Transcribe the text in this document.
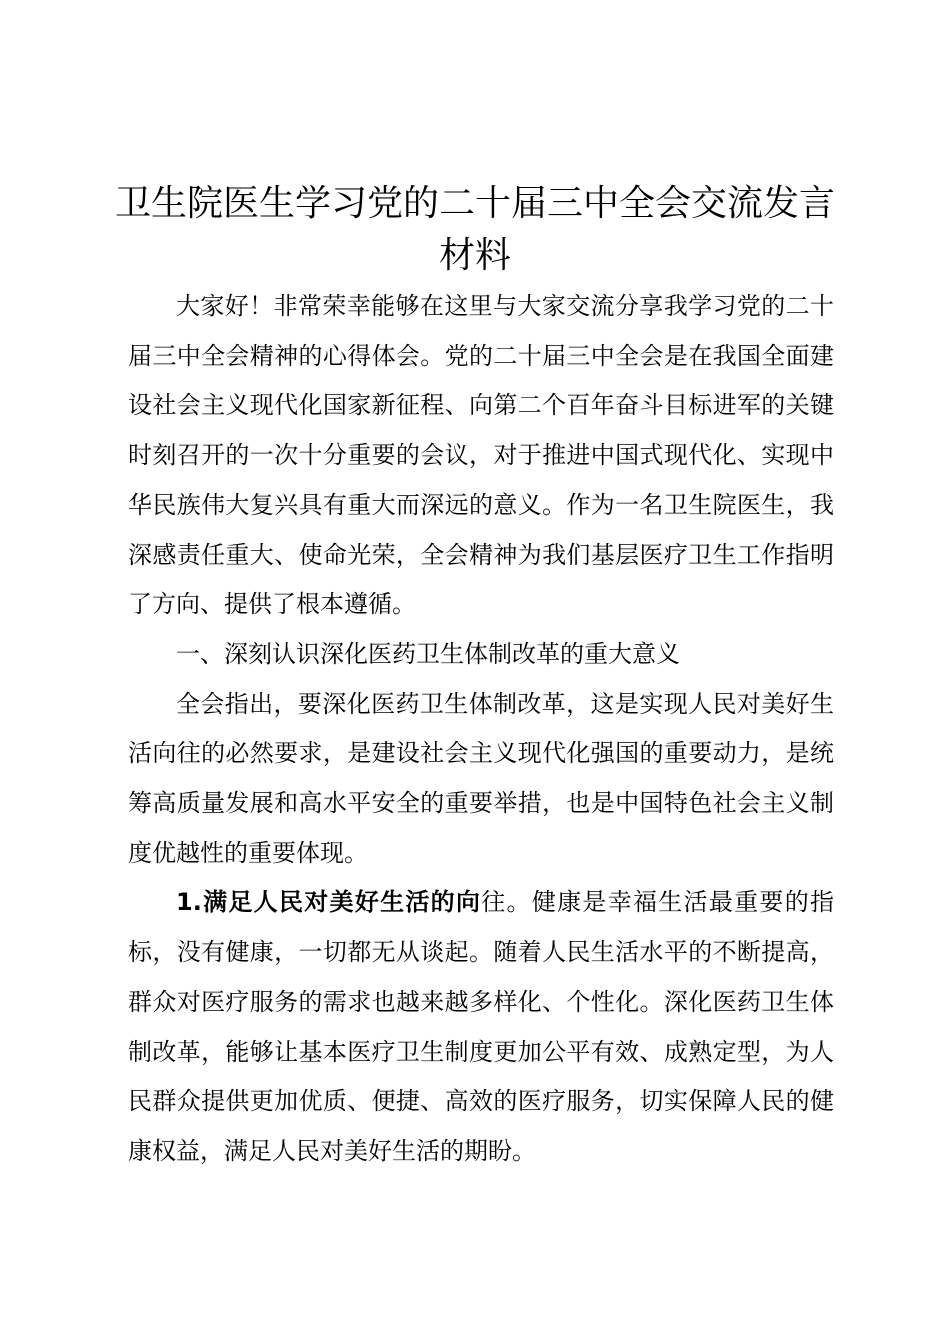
卫生院医生学习党的二十届三中全会交流发言材料

大家好！非常荣幸能够在这里与大家交流分享我学习党的二十届三中全会精神的心得体会。党的二十届三中全会是在我国全面建设社会主义现代化国家新征程、向第二个百年奋斗目标进军的关键时刻召开的一次十分重要的会议，对于推进中国式现代化、实现中华民族伟大复兴具有重大而深远的意义。作为一名卫生院医生，我深感责任重大、使命光荣，全会精神为我们基层医疗卫生工作指明了方向、提供了根本遵循。

一、深刻认识深化医药卫生体制改革的重大意义

全会指出，要深化医药卫生体制改革，这是实现人民对美好生活向往的必然要求，是建设社会主义现代化强国的重要动力，是统筹高质量发展和高水平安全的重要举措，也是中国特色社会主义制度优越性的重要体现。

1.满足人民对美好生活的向往。健康是幸福生活最重要的指标，没有健康，一切都无从谈起。随着人民生活水平的不断提高，群众对医疗服务的需求也越来越多样化、个性化。深化医药卫生体制改革，能够让基本医疗卫生制度更加公平有效、成熟定型，为人民群众提供更加优质、便捷、高效的医疗服务，切实保障人民的健康权益，满足人民对美好生活的期盼。
